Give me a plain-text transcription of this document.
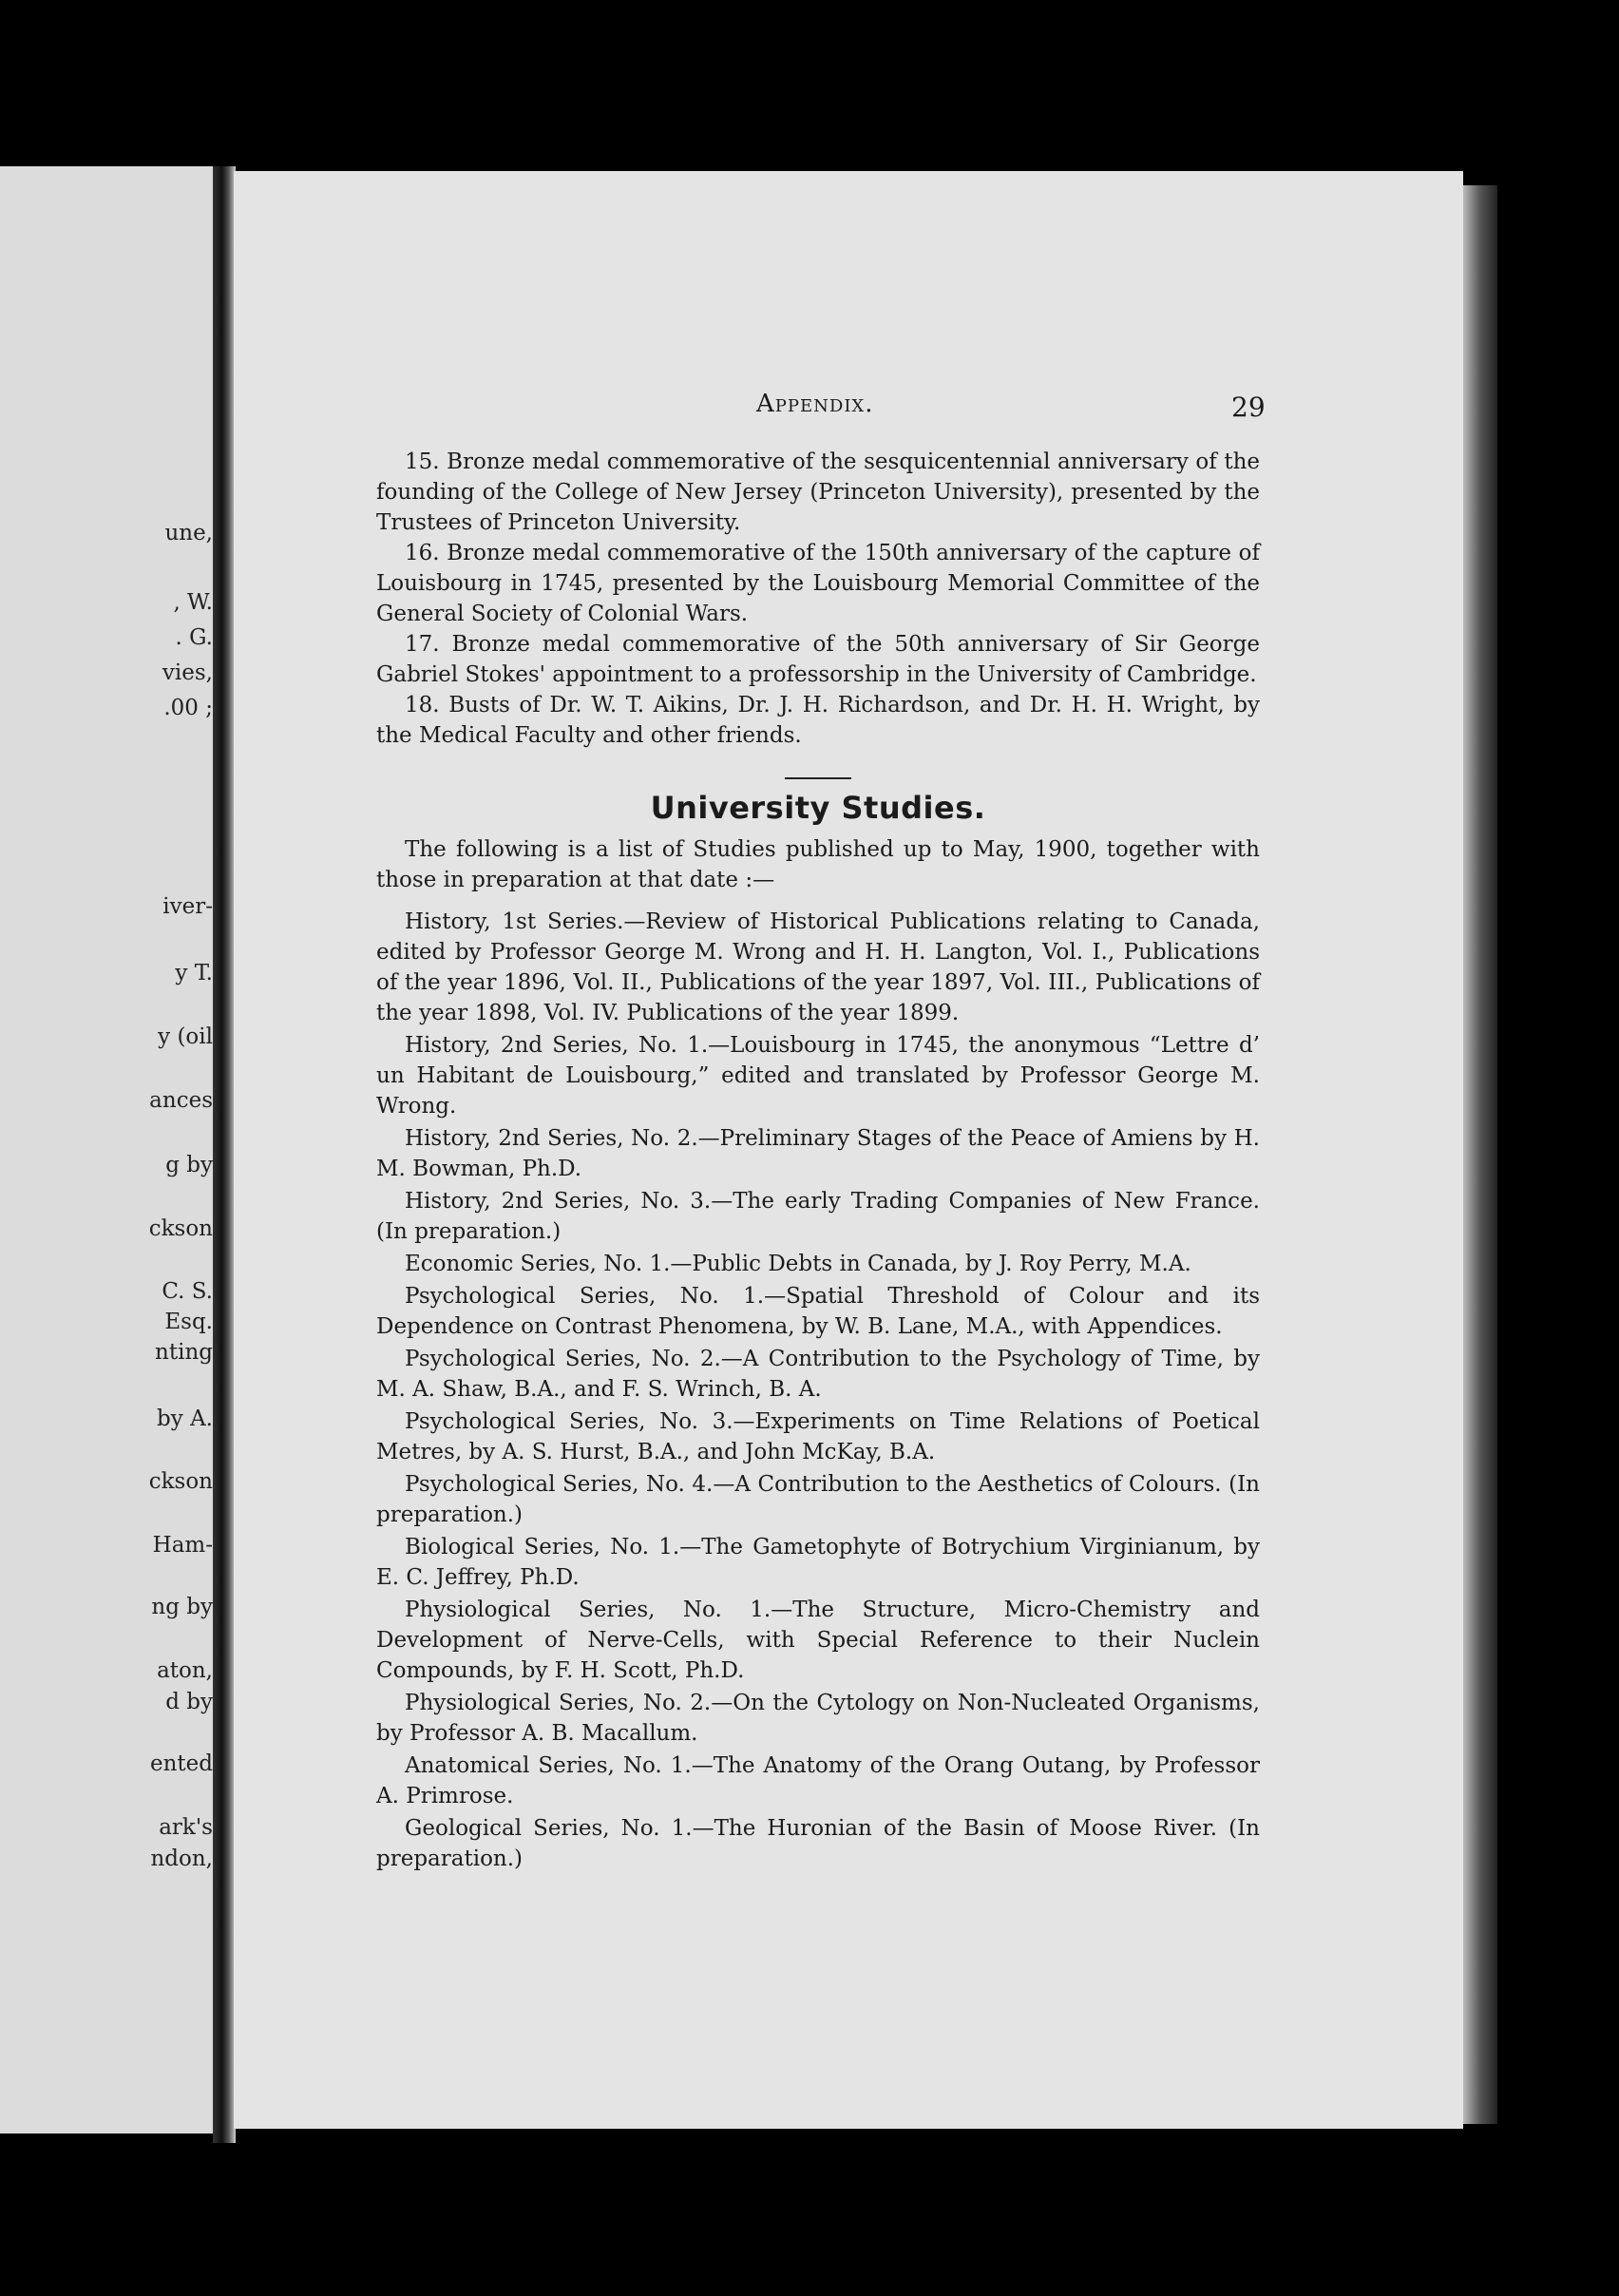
une,
, W.
. G.
vies,
.00 ;
iver-
y T.
y (oil
ances
g by
ckson
C. S.
Esq.
nting
by A.
ckson
Ham-
ng by
aton,
d by
ented
ark's
ndon,
Appendix.	29

15. Bronze medal commemorative of the sesquicentennial anniversary of the founding of the College of New Jersey (Princeton University), presented by the Trustees of Princeton University.

16. Bronze medal commemorative of the 150th anniversary of the capture of Louisbourg in 1745, presented by the Louisbourg Memorial Committee of the General Society of Colonial Wars.

17. Bronze medal commemorative of the 50th anniversary of Sir George Gabriel Stokes' appointment to a professorship in the University of Cambridge.

18. Busts of Dr. W. T. Aikins, Dr. J. H. Richardson, and Dr. H. H. Wright, by the Medical Faculty and other friends.

University Studies.

The following is a list of Studies published up to May, 1900, together with those in preparation at that date :—

History, 1st Series.—Review of Historical Publications relating to Canada, edited by Professor George M. Wrong and H. H. Langton, Vol. I., Publications of the year 1896, Vol. II., Publications of the year 1897, Vol. III., Publications of the year 1898, Vol. IV. Publications of the year 1899.

History, 2nd Series, No. 1.—Louisbourg in 1745, the anonymous “Lettre d’ un Habitant de Louisbourg,” edited and translated by Professor George M. Wrong.

History, 2nd Series, No. 2.—Preliminary Stages of the Peace of Amiens by H. M. Bowman, Ph.D.

History, 2nd Series, No. 3.—The early Trading Companies of New France. (In preparation.)

Economic Series, No. 1.—Public Debts in Canada, by J. Roy Perry, M.A.

Psychological Series, No. 1.—Spatial Threshold of Colour and its Dependence on Contrast Phenomena, by W. B. Lane, M.A., with Appendices.

Psychological Series, No. 2.—A Contribution to the Psychology of Time, by M. A. Shaw, B.A., and F. S. Wrinch, B. A.

Psychological Series, No. 3.—Experiments on Time Relations of Poetical Metres, by A. S. Hurst, B.A., and John McKay, B.A.

Psychological Series, No. 4.—A Contribution to the Aesthetics of Colours. (In preparation.)

Biological Series, No. 1.—The Gametophyte of Botrychium Virginianum, by E. C. Jeffrey, Ph.D.

Physiological Series, No. 1.—The Structure, Micro-Chemistry and Development of Nerve-Cells, with Special Reference to their Nuclein Compounds, by F. H. Scott, Ph.D.

Physiological Series, No. 2.—On the Cytology on Non-Nucleated Organisms, by Professor A. B. Macallum.

Anatomical Series, No. 1.—The Anatomy of the Orang Outang, by Professor A. Primrose.

Geological Series, No. 1.—The Huronian of the Basin of Moose River. (In preparation.)
